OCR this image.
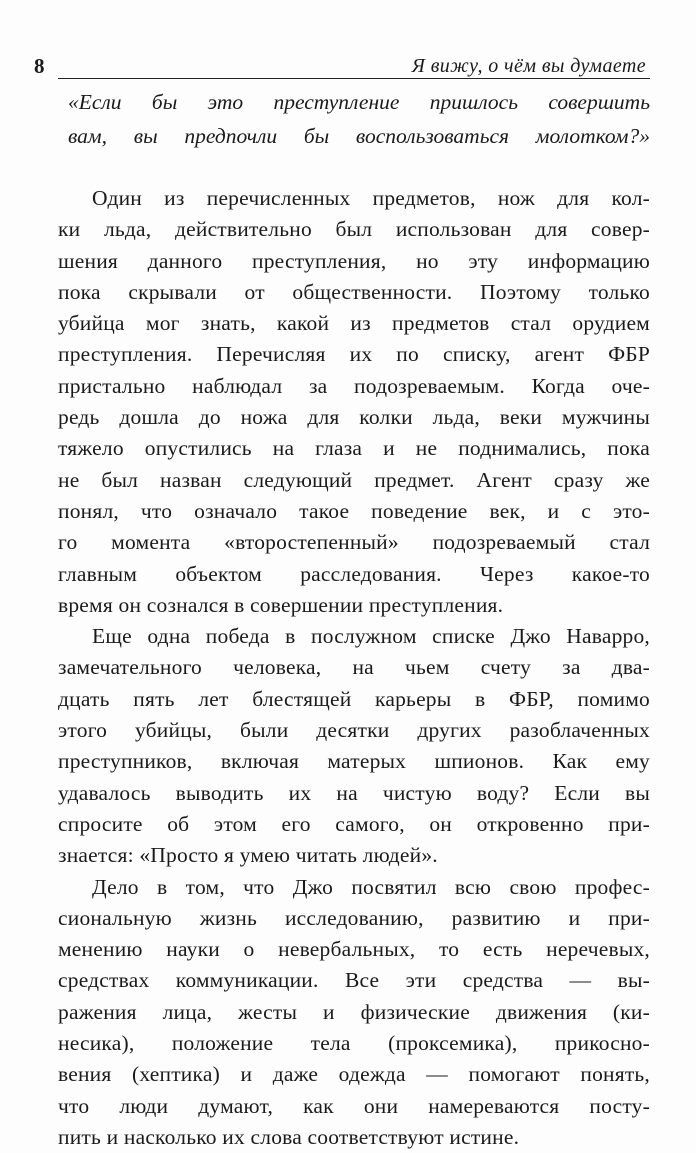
8	Я вижу, о чём вы думаете
«Если бы это преступление пришлось совершить
вам, вы предпочли бы воспользоваться молотком?»

Один из перечисленных предметов, нож для кол-
ки льда, действительно был использован для совер-
шения данного преступления, но эту информацию
пока скрывали от общественности. Поэтому только
убийца мог знать, какой из предметов стал орудием
преступления. Перечисляя их по списку, агент ФБР
пристально наблюдал за подозреваемым. Когда оче-
редь дошла до ножа для колки льда, веки мужчины
тяжело опустились на глаза и не поднимались, пока
не был назван следующий предмет. Агент сразу же
понял, что означало такое поведение век, и с это-
го момента «второстепенный» подозреваемый стал
главным объектом расследования. Через какое-то
время он сознался в совершении преступления.

Еще одна победа в послужном списке Джо Наварро,
замечательного человека, на чьем счету за два-
дцать пять лет блестящей карьеры в ФБР, помимо
этого убийцы, были десятки других разоблаченных
преступников, включая матерых шпионов. Как ему
удавалось выводить их на чистую воду? Если вы
спросите об этом его самого, он откровенно при-
знается: «Просто я умею читать людей».

Дело в том, что Джо посвятил всю свою профес-
сиональную жизнь исследованию, развитию и при-
менению науки о невербальных, то есть неречевых,
средствах коммуникации. Все эти средства — вы-
ражения лица, жесты и физические движения (ки-
несика), положение тела (проксемика), прикосно-
вения (хептика) и даже одежда — помогают понять,
что люди думают, как они намереваются посту-
пить и насколько их слова соответствуют истине.
